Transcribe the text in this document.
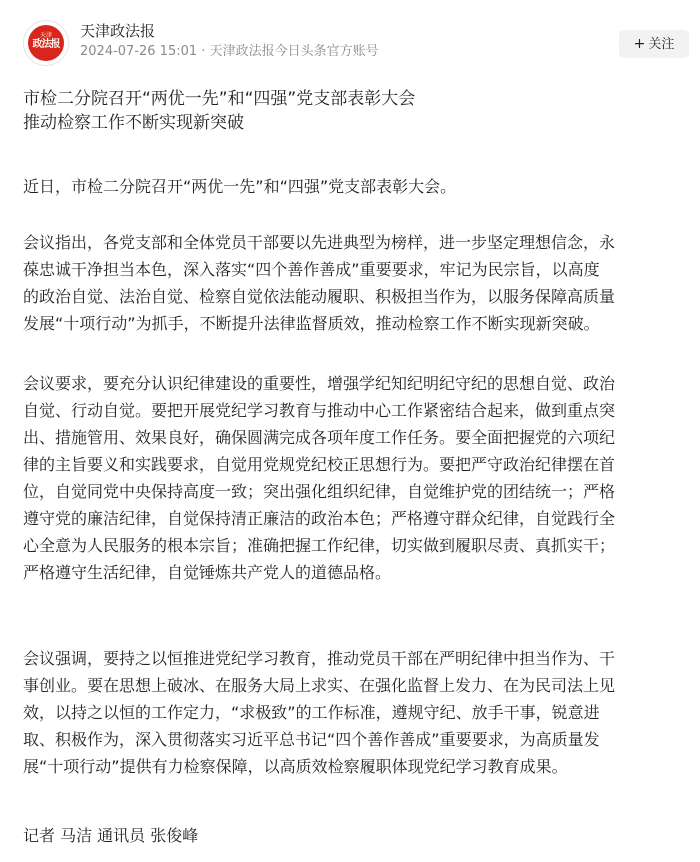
天津
政法报
天津政法报
2024-07-26 15:01 · 天津政法报今日头条官方账号	+ 关注
市检二分院召开“两优一先”和“四强”党支部表彰大会
推动检察工作不断实现新突破
近日，市检二分院召开“两优一先”和“四强”党支部表彰大会。
会议指出，各党支部和全体党员干部要以先进典型为榜样，进一步坚定理想信念，永
葆忠诚干净担当本色，深入落实“四个善作善成”重要要求，牢记为民宗旨，以高度
的政治自觉、法治自觉、检察自觉依法能动履职、积极担当作为，以服务保障高质量
发展“十项行动”为抓手，不断提升法律监督质效，推动检察工作不断实现新突破。
会议要求，要充分认识纪律建设的重要性，增强学纪知纪明纪守纪的思想自觉、政治
自觉、行动自觉。要把开展党纪学习教育与推动中心工作紧密结合起来，做到重点突
出、措施管用、效果良好，确保圆满完成各项年度工作任务。要全面把握党的六项纪
律的主旨要义和实践要求，自觉用党规党纪校正思想行为。要把严守政治纪律摆在首
位，自觉同党中央保持高度一致；突出强化组织纪律，自觉维护党的团结统一；严格
遵守党的廉洁纪律，自觉保持清正廉洁的政治本色；严格遵守群众纪律，自觉践行全
心全意为人民服务的根本宗旨；准确把握工作纪律，切实做到履职尽责、真抓实干；
严格遵守生活纪律，自觉锤炼共产党人的道德品格。
会议强调，要持之以恒推进党纪学习教育，推动党员干部在严明纪律中担当作为、干
事创业。要在思想上破冰、在服务大局上求实、在强化监督上发力、在为民司法上见
效，以持之以恒的工作定力，“求极致”的工作标准，遵规守纪、放手干事，锐意进
取、积极作为，深入贯彻落实习近平总书记“四个善作善成”重要要求，为高质量发
展“十项行动”提供有力检察保障，以高质效检察履职体现党纪学习教育成果。
记者 马洁 通讯员 张俊峰
